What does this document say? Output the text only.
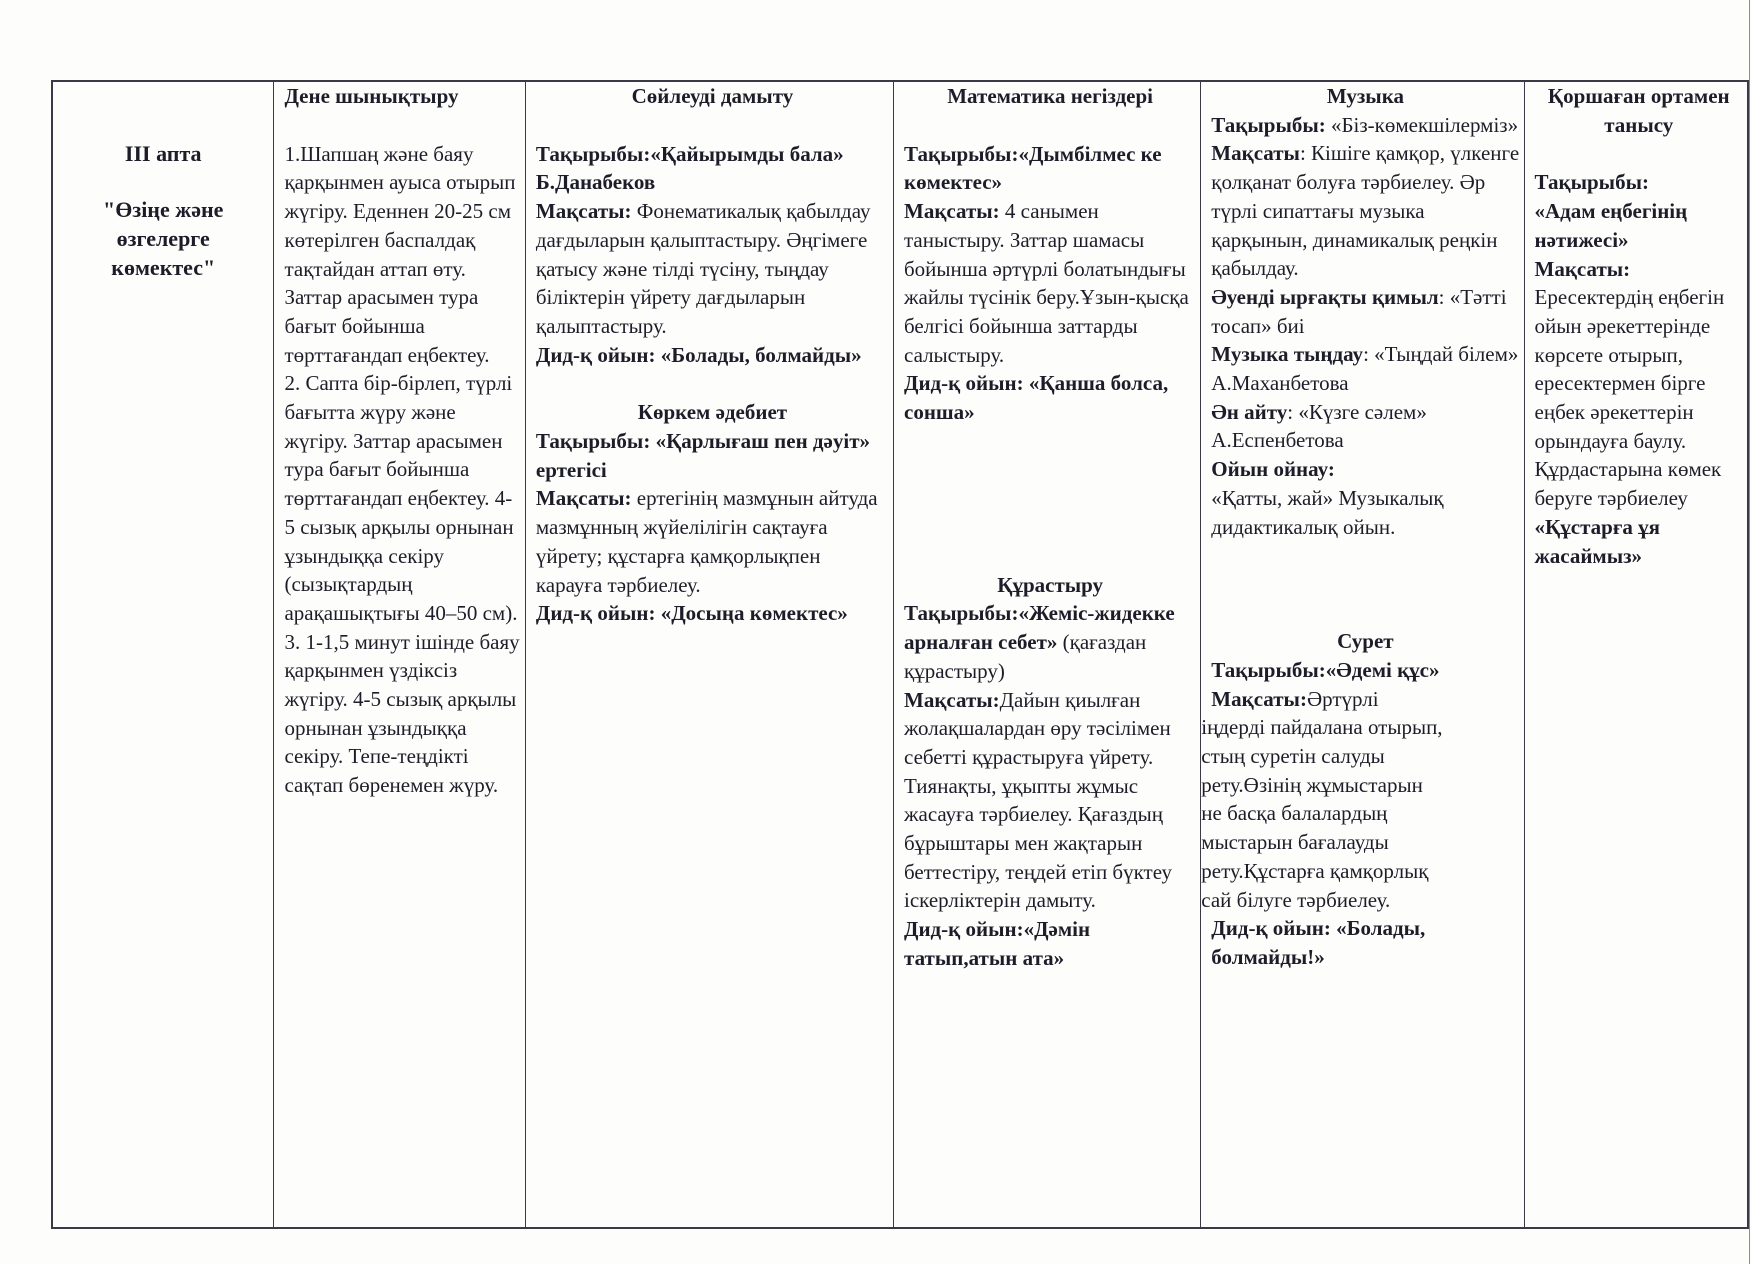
III апта
"Өзіңе және өзгелерге көмектес"
Дене шынықтыру

1.Шапшаң және баяу қарқынмен ауыса отырып жүгіру. Еденнен 20-25 см көтерілген баспалдақ тақтайдан аттап өту. Заттар арасымен тура бағыт бойынша төрттағандап еңбектеу.

2. Сапта бір-бірлеп, түрлі бағытта жүру және жүгіру. Заттар арасымен тура бағыт бойынша төрттағандап еңбектеу. 4-5 сызық арқылы орнынан ұзындыққа секіру (сызықтардың арақашықтығы 40–50 см).

3. 1-1,5 минут ішінде баяу қарқынмен үздіксіз жүгіру. 4-5 сызық арқылы орнынан ұзындыққа секіру. Тепе-теңдікті сақтап бөренемен жүру.

Сөйлеуді дамыту
Тақырыбы:«Қайырымды бала»
Б.Данабеков
Мақсаты: Фонематикалық қабылдау дағдыларын қалыптастыру. Әңгімеге қатысу және тілді түсіну, тыңдау біліктерін үйрету дағдыларын қалыптастыру.
Дид-қ ойын: «Болады, болмайды»
Көркем әдебиет
Тақырыбы: «Қарлығаш пен дәуіт» ертегісі
Мақсаты: ертегінің мазмұнын айтуда мазмұнның жүйелілігін сақтауға үйрету; құстарға қамқорлықпен карауға тәрбиелеу.
Дид-қ ойын: «Досыңа көмектес»
Математика негіздері
Тақырыбы:«Дымбілмес ке көмектес»
Мақсаты: 4 санымен таныстыру. Заттар шамасы бойынша әртүрлі болатындығы жайлы түсінік беру.Ұзын-қысқа белгісі бойынша заттарды салыстыру.
Дид-қ ойын: «Қанша болса, сонша»
Құрастыру
Тақырыбы:«Жеміс-жидекке арналған себет» (қағаздан құрастыру)
Мақсаты:Дайын қиылған жолақшалардан өру тәсілімен себетті құрастыруға үйрету. Тиянақты, ұқыпты жұмыс жасауға тәрбиелеу. Қағаздың бұрыштары мен жақтарын беттестіру, теңдей етіп бүктеу іскерліктерін дамыту.
Дид-қ ойын:«Дәмін татып,атын ата»
Музыка
Тақырыбы: «Біз-көмекшілерміз»
Мақсаты: Кішіге қамқор, үлкенге қолқанат болуға тәрбиелеу. Әр түрлі сипаттағы музыка қарқынын, динамикалық реңкін қабылдау.
Әуенді ырғақты қимыл: «Тәтті тосап» биі
Музыка тыңдау: «Тыңдай білем» А.Маханбетова
Ән айту: «Күзге сәлем» А.Еспенбетова
Ойын ойнау:
«Қатты, жай» Музыкалық дидактикалық ойын.
Сурет
Тақырыбы:«Әдемі құс»
Мақсаты:Әртүрлі
іңдерді пайдалана отырып,
стың суретін салуды
рету.Өзінің жұмыстарын
не басқа балалардың
мыстарын бағалауды
рету.Құстарға қамқорлық
сай білуге тәрбиелеу.
Дид-қ ойын: «Болады, болмайды!»
Қоршаған ортамен танысу
Тақырыбы:
«Адам еңбегінің нәтижесі»
Мақсаты:
Ересектердің еңбегін ойын әрекеттерінде көрсете отырып, ересектермен бірге еңбек әрекеттерін орындауға баулу. Құрдастарына көмек беруге тәрбиелеу
«Құстарға ұя жасаймыз»
